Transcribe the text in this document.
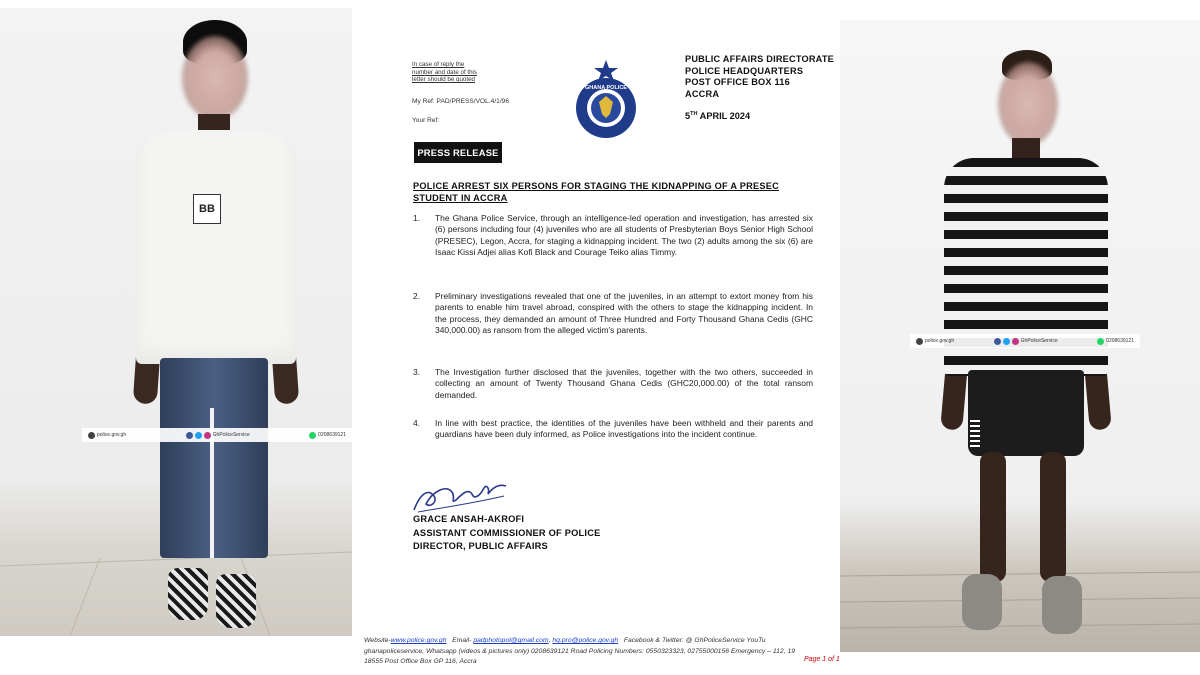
BB
police.gov.gh	GhPoliceService	0208639121
In case of reply the
number and date of this
letter should be quoted
My Ref: PAD/PRESS/VOL.4/1/96
Your Ref:
GHANA POLICE
PUBLIC AFFAIRS DIRECTORATE
POLICE HEADQUARTERS
POST OFFICE BOX 116
ACCRA
5TH APRIL 2024
PRESS RELEASE
POLICE ARREST SIX PERSONS FOR STAGING THE KIDNAPPING OF A PRESEC STUDENT IN ACCRA
1.	The Ghana Police Service, through an intelligence-led operation and investigation, has arrested six (6) persons including four (4) juveniles who are all students of Presbyterian Boys Senior High School (PRESEC), Legon, Accra, for staging a kidnapping incident. The two (2) adults among the six (6) are Isaac Kissi Adjei alias Kofi Black and Courage Teiko alias Timmy.
2.	Preliminary investigations revealed that one of the juveniles, in an attempt to extort money from his parents to enable him travel abroad, conspired with the others to stage the kidnapping incident. In the process, they demanded an amount of Three Hundred and Forty Thousand Ghana Cedis (GHC 340,000.00) as ransom from the alleged victim's parents.
3.	The Investigation further disclosed that the juveniles, together with the two others, succeeded in collecting an amount of Twenty Thousand Ghana Cedis (GHC20,000.00) of the total ransom demanded.
4.	In line with best practice, the identities of the juveniles have been withheld and their parents and guardians have been duly informed, as Police investigations into the incident continue.
GRACE ANSAH-AKROFI
ASSISTANT COMMISSIONER OF POLICE
DIRECTOR, PUBLIC AFFAIRS
Website-www.police.gov.gh Email- padphotopol@gmail.com, hq.pro@police.gov.gh Facebook & Twitter: @ GhPoliceService YouTu
ghanapoliceservice, Whatsapp (videos & pictures only) 0208639121 Road Policing Numbers: 0550323323, 02755000156 Emergency – 112, 19
18555 Post Office Box GP 116, Accra	Page 1 of 1
police.gov.gh	GhPoliceService	0208639121
